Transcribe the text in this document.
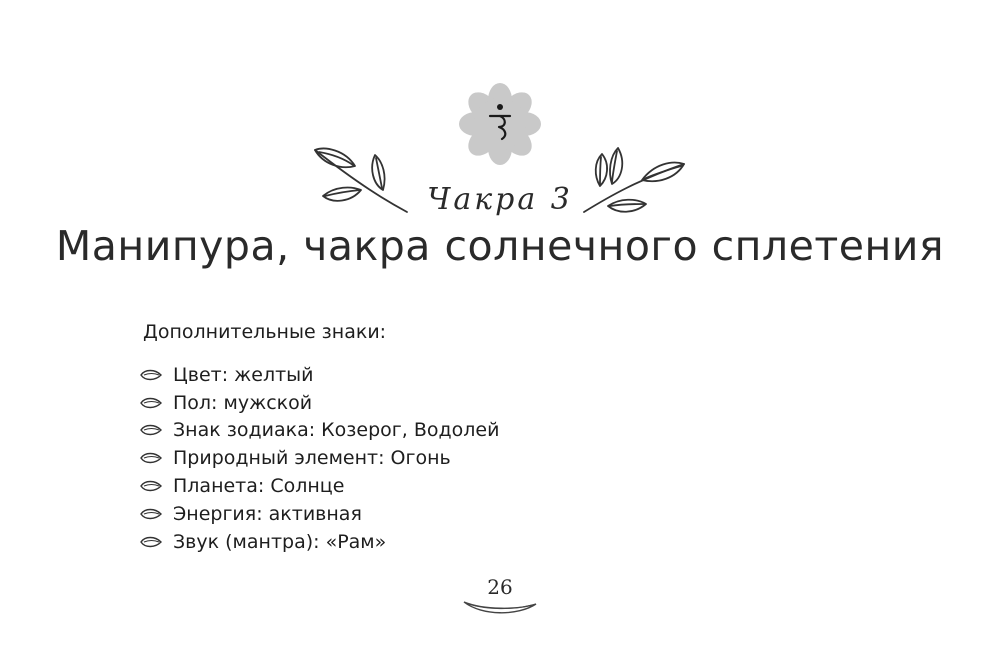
Чакра 3
Манипура, чакра солнечного сплетения
Дополнительные знаки:
Цвет: желтый
Пол: мужской
Знак зодиака: Козерог, Водолей
Природный элемент: Огонь
Планета: Солнце
Энергия: активная
Звук (мантра): «Рам»
26
